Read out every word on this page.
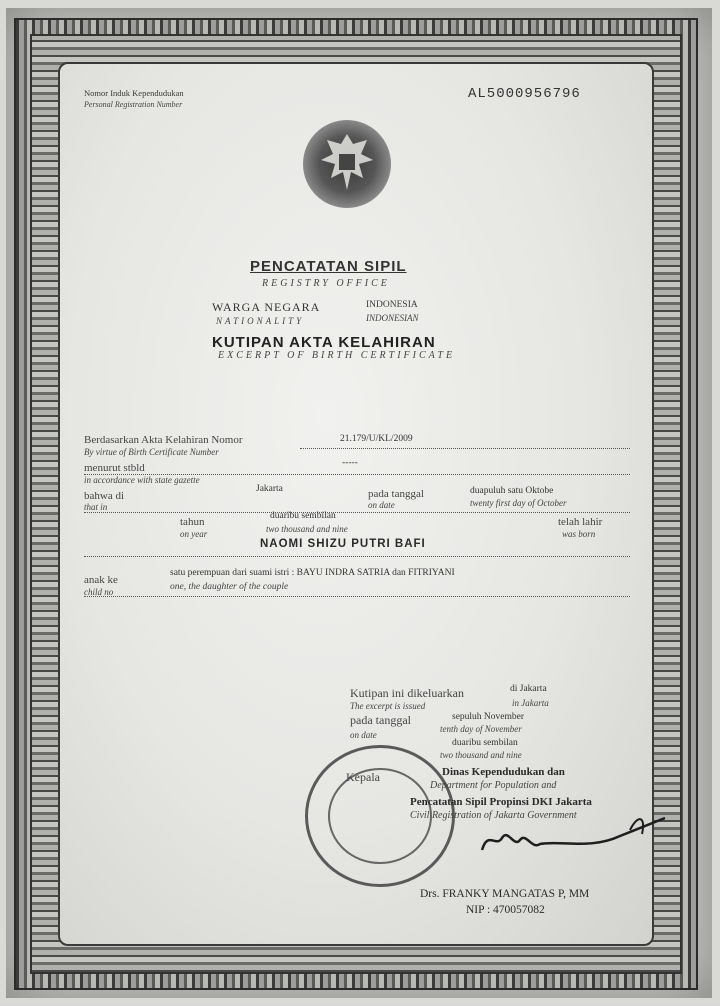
Nomor Induk Kependudukan
Personal Registration Number
AL5000956796
PENCATATAN SIPIL
REGISTRY OFFICE
WARGA NEGARA
NATIONALITY
INDONESIA
INDONESIAN
KUTIPAN AKTA KELAHIRAN
EXCERPT OF BIRTH CERTIFICATE
Berdasarkan Akta Kelahiran Nomor
By virtue of Birth Certificate Number
21.179/U/KL/2009
menurut stbld
in accordance with state gazette
-----
bahwa di
that in
Jakarta	pada tanggal
on date
duapuluh satu Oktobe
twenty first day of October
tahun
on year
duaribu sembilan
two thousand and nine
telah lahir
was born
NAOMI SHIZU PUTRI BAFI
anak ke
child no
satu perempuan dari suami istri : BAYU INDRA SATRIA dan FITRIYANI
one, the daughter of the couple
Kutipan ini dikeluarkan
The excerpt is issued
di Jakarta
in Jakarta
pada tanggal
on date
sepuluh November
tenth day of November
duaribu sembilan
two thousand and nine
Kepala	Dinas Kependudukan dan
Department for Population and
Pencatatan Sipil Propinsi DKI Jakarta
Civil Registration of Jakarta Government
Drs. FRANKY MANGATAS P, MM
NIP : 470057082
